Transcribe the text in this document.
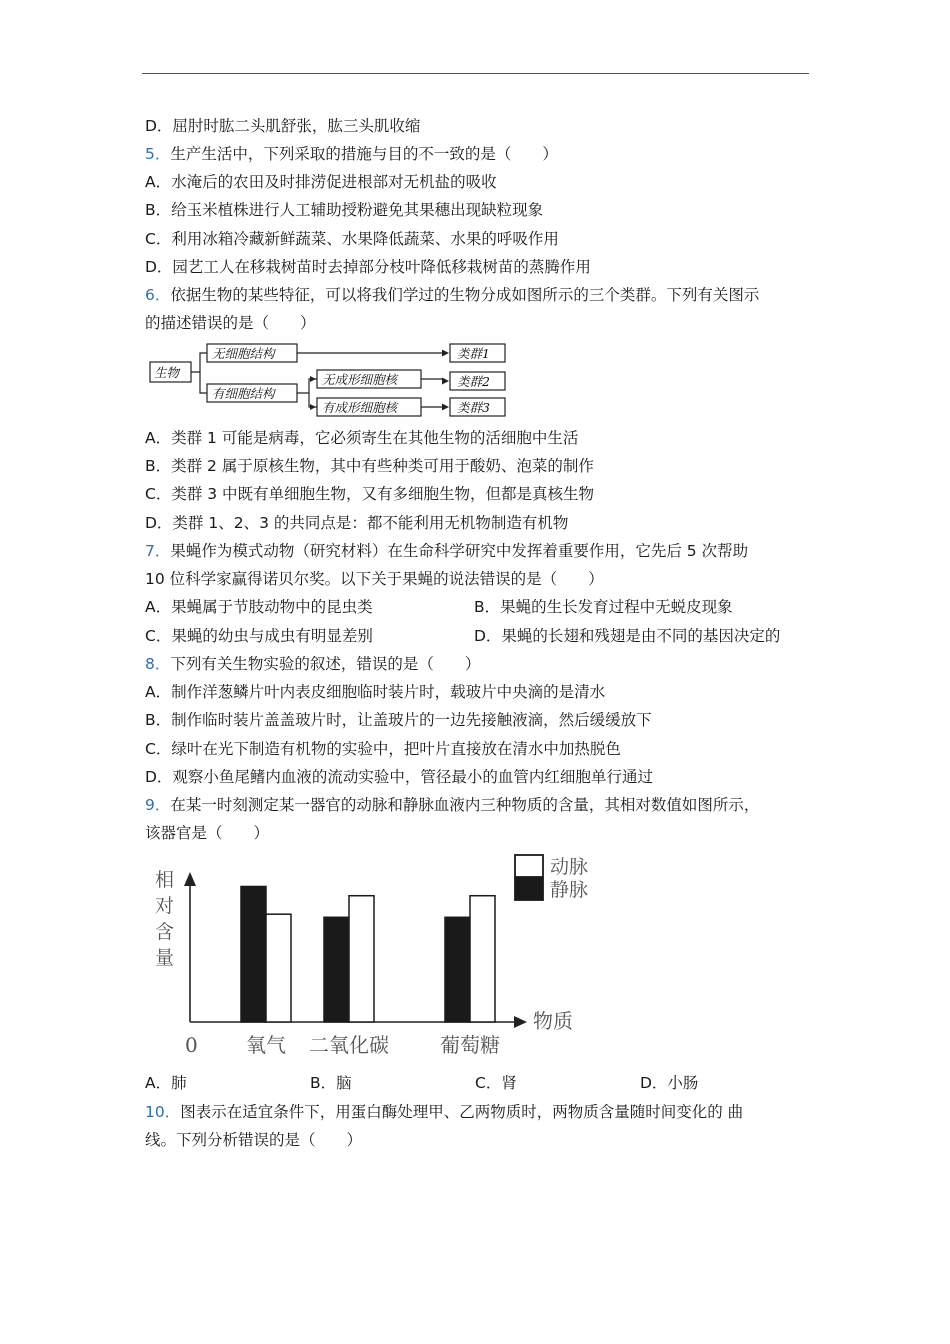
D．屈肘时肱二头肌舒张，肱三头肌收缩
5．生产生活中，下列采取的措施与目的不一致的是（　　）
A．水淹后的农田及时排涝促进根部对无机盐的吸收
B．给玉米植株进行人工辅助授粉避免其果穗出现缺粒现象
C．利用冰箱冷藏新鲜蔬菜、水果降低蔬菜、水果的呼吸作用
D．园艺工人在移栽树苗时去掉部分枝叶降低移栽树苗的蒸腾作用
6．依据生物的某些特征，可以将我们学过的生物分成如图所示的三个类群。下列有关图示
的描述错误的是（　　）
生物
无细胞结构
有细胞结构
无成形细胞核
有成形细胞核
类群1
类群2
类群3
A．类群 1 可能是病毒，它必须寄生在其他生物的活细胞中生活
B．类群 2 属于原核生物，其中有些种类可用于酸奶、泡菜的制作
C．类群 3 中既有单细胞生物，又有多细胞生物，但都是真核生物
D．类群 1、2、3 的共同点是：都不能利用无机物制造有机物
7．果蝇作为模式动物（研究材料）在生命科学研究中发挥着重要作用，它先后 5 次帮助
10 位科学家赢得诺贝尔奖。以下关于果蝇的说法错误的是（　　）
A．果蝇属于节肢动物中的昆虫类	B．果蝇的生长发育过程中无蜕皮现象
C．果蝇的幼虫与成虫有明显差别	D．果蝇的长翅和残翅是由不同的基因决定的
8．下列有关生物实验的叙述，错误的是（　　）
A．制作洋葱鳞片叶内表皮细胞临时装片时，载玻片中央滴的是清水
B．制作临时装片盖盖玻片时，让盖玻片的一边先接触液滴，然后缓缓放下
C．绿叶在光下制造有机物的实验中，把叶片直接放在清水中加热脱色
D．观察小鱼尾鳍内血液的流动实验中，管径最小的血管内红细胞单行通过
9．在某一时刻测定某一器官的动脉和静脉血液内三种物质的含量，其相对数值如图所示，
该器官是（　　）
相
对
含
量
物质
0 氧气 二氧化碳	葡萄糖
动脉
静脉
A．肺	B．脑	C．肾	D．小肠
10．图表示在适宜条件下，用蛋白酶处理甲、乙两物质时，两物质含量随时间变化的 曲
线。下列分析错误的是（　　）
